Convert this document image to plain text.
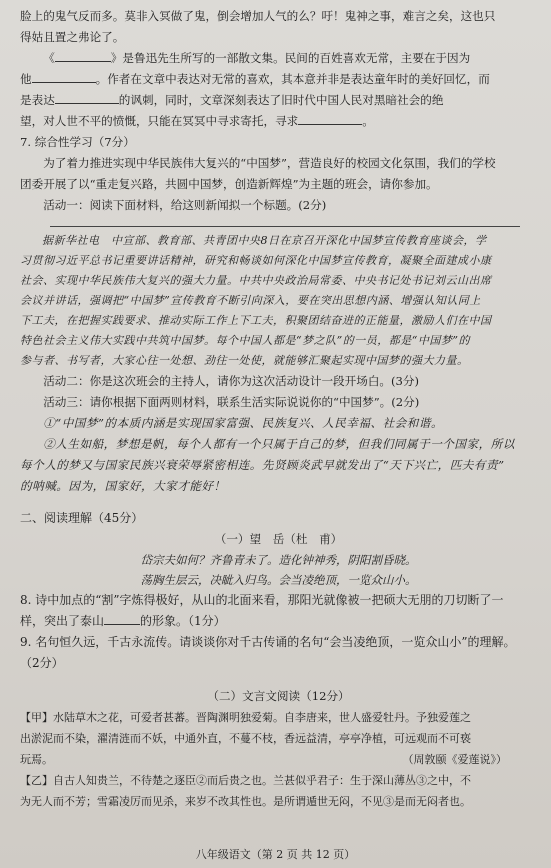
脸上的鬼气反而多。莫非入冥做了鬼，倒会增加人气的么？吁！鬼神之事，难言之矣，这也只

得姑且置之弗论了。

《	》是鲁迅先生所写的一部散文集。民间的百姓喜欢无常，主要在于因为

他	。作者在文章中表达对无常的喜欢，其本意并非是表达童年时的美好回忆，而

是表达	的讽刺，同时，文章深刻表达了旧时代中国人民对黑暗社会的绝

望，对人世不平的愤慨，只能在冥冥中寻求寄托，寻求	。

7. 综合性学习（7分）

为了着力推进实现中华民族伟大复兴的“中国梦”，营造良好的校园文化氛围，我们的学校

团委开展了以“重走复兴路，共圆中国梦，创造新辉煌”为主题的班会，请你参加。

活动一：阅读下面材料，给这则新闻拟一个标题。(2分)

据新华社电　中宣部、教育部、共青团中央8日在京召开深化中国梦宣传教育座谈会，学

习贯彻习近平总书记重要讲话精神，研究和畅谈如何深化中国梦宣传教育，凝聚全面建成小康

社会、实现中华民族伟大复兴的强大力量。中共中央政治局常委、中央书记处书记刘云山出席

会议并讲话，强调把“中国梦”宣传教育不断引向深入，要在突出思想内涵、增强认知认同上

下工夫，在把握实践要求、推动实际工作上下工夫，积聚团结奋进的正能量，激励人们在中国

特色社会主义伟大实践中共筑中国梦。每个中国人都是“梦之队”的一员，都是“中国梦”的

参与者、书写者，大家心往一处想、劲往一处使，就能够汇聚起实现中国梦的强大力量。

活动二：你是这次班会的主持人，请你为这次活动设计一段开场白。(3分)

活动三：请你根据下面两则材料，联系生活实际说说你的“中国梦”。(2分)

①“中国梦”的本质内涵是实现国家富强、民族复兴、人民幸福、社会和谐。

②人生如船，梦想是帆，每个人都有一个只属于自己的梦，但我们同属于一个国家，所以

每个人的梦又与国家民族兴衰荣辱紧密相连。先贤顾炎武早就发出了“天下兴亡，匹夫有责”

的呐喊。因为，国家好，大家才能好！

二、阅读理解（45分）

（一）望　岳（杜　甫）

岱宗夫如何？齐鲁青未了。造化钟神秀，阴阳割昏晓。

荡胸生层云，决眦入归鸟。会当凌绝顶，一览众山小。

8. 诗中加点的“割”字炼得极好，从山的北面来看，那阳光就像被一把硕大无朋的刀切断了一

样，突出了泰山	的形象。（1分）

9. 名句恒久远，千古永流传。请谈谈你对千古传诵的名句“会当凌绝顶，一览众山小”的理解。

（2分）

（二）文言文阅读（12分）

【甲】水陆草木之花，可爱者甚蕃。晋陶渊明独爱菊。自李唐来，世人盛爱牡丹。予独爱莲之

出淤泥而不染，濯清涟而不妖，中通外直，不蔓不枝，香远益清，亭亭净植，可远观而不可亵

玩焉。	（周敦颐《爱莲说》）

【乙】自古人知贵兰，不待楚之逐臣②而后贵之也。兰甚似乎君子：生于深山薄丛③之中，不

为无人而不芳；雪霜凌厉而见杀，来岁不改其性也。是所谓遁世无闷，不见③是而无闷者也。

八年级语文（第 2 页 共 12 页）
